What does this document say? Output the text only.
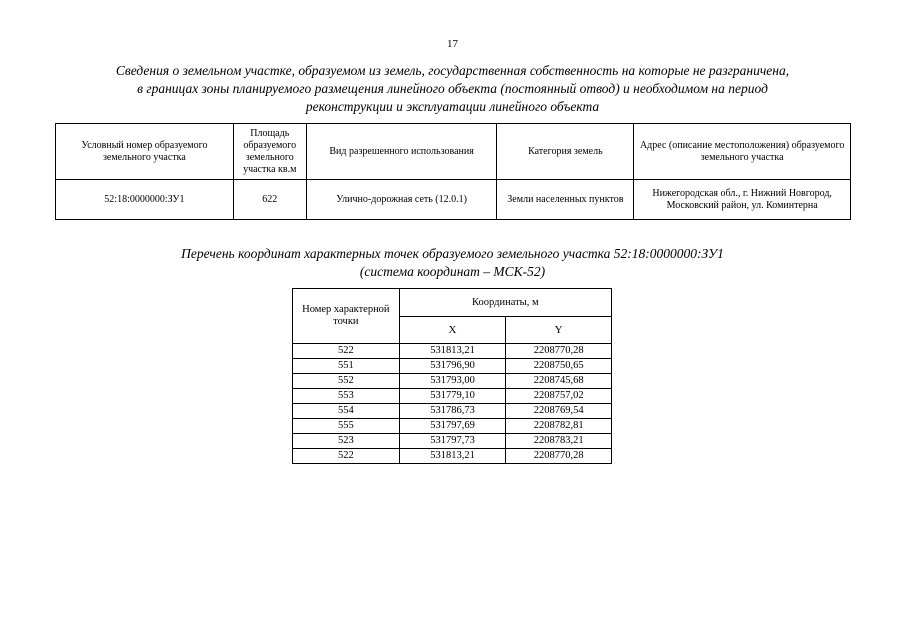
17
Сведения о земельном участке, образуемом из земель, государственная собственность на которые не разграничена,
в границах зоны планируемого размещения линейного объекта (постоянный отвод) и необходимом на период
реконструкции и эксплуатации линейного объекта
Условный номер образуемого земельного участка	Площадь образуемого земельного участка кв.м	Вид разрешенного использования	Категория земель	Адрес (описание местоположения) образуемого земельного участка
52:18:0000000:ЗУ1	622	Улично-дорожная сеть (12.0.1)	Земли населенных пунктов	Нижегородская обл., г. Нижний Новгород, Московский район, ул. Коминтерна
Перечень координат характерных точек образуемого земельного участка 52:18:0000000:ЗУ1
(система координат – МСК-52)
Номер характерной точки	Координаты, м	
	X	Y
522	531813,21	2208770,28
551	531796,90	2208750,65
552	531793,00	2208745,68
553	531779,10	2208757,02
554	531786,73	2208769,54
555	531797,69	2208782,81
523	531797,73	2208783,21
522	531813,21	2208770,28
